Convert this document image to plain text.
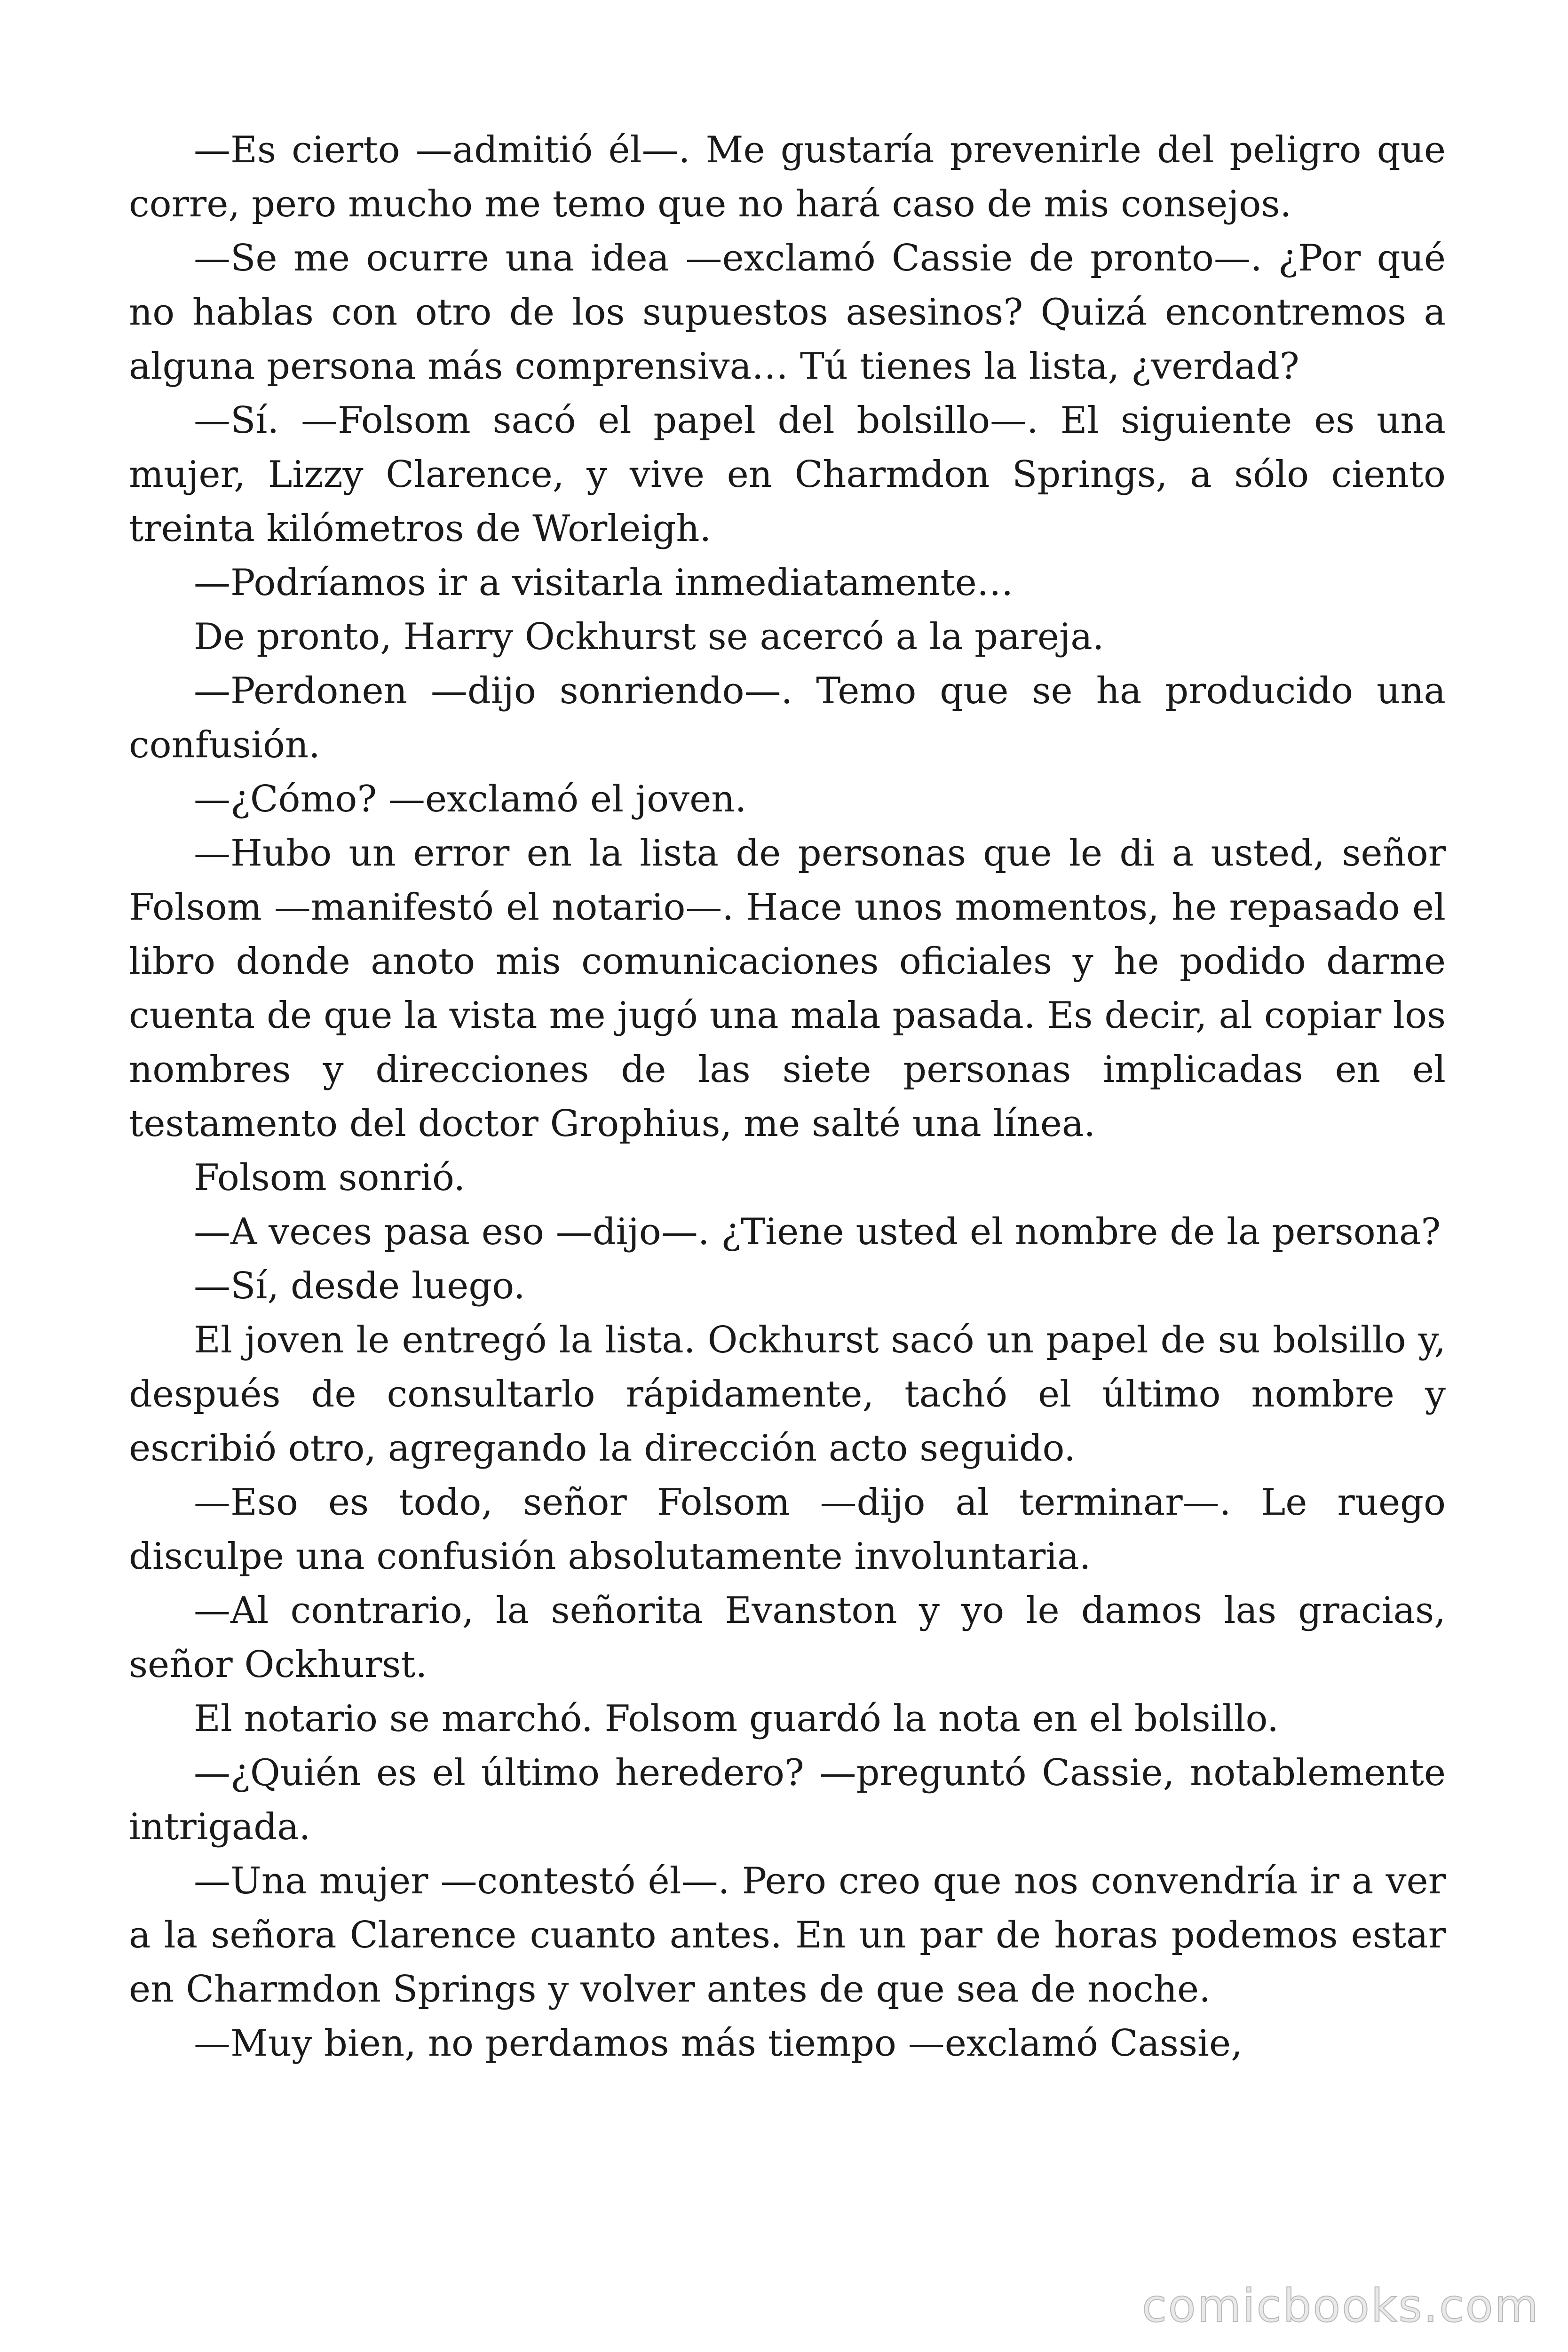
—Es cierto —admitió él—. Me gustaría prevenirle del peligro que corre, pero mucho me temo que no hará caso de mis consejos.

—Se me ocurre una idea —exclamó Cassie de pronto—. ¿Por qué no hablas con otro de los supuestos asesinos? Quizá encontremos a alguna persona más comprensiva… Tú tienes la lista, ¿verdad?

—Sí. —Folsom sacó el papel del bolsillo—. El siguiente es una mujer, Lizzy Clarence, y vive en Charmdon Springs, a sólo ciento treinta kilómetros de Worleigh.

—Podríamos ir a visitarla inmediatamente…

De pronto, Harry Ockhurst se acercó a la pareja.

—Perdonen —dijo sonriendo—. Temo que se ha producido una confusión.

—¿Cómo? —exclamó el joven.

—Hubo un error en la lista de personas que le di a usted, señor Folsom —manifestó el notario—. Hace unos momentos, he repasado el libro donde anoto mis comunicaciones oficiales y he podido darme cuenta de que la vista me jugó una mala pasada. Es decir, al copiar los nombres y direcciones de las siete personas implicadas en el testamento del doctor Grophius, me salté una línea.

Folsom sonrió.

—A veces pasa eso —dijo—. ¿Tiene usted el nombre de la persona?

—Sí, desde luego.

El joven le entregó la lista. Ockhurst sacó un papel de su bolsillo y, después de consultarlo rápidamente, tachó el último nombre y escribió otro, agregando la dirección acto seguido.

—Eso es todo, señor Folsom —dijo al terminar—. Le ruego disculpe una confusión absolutamente involuntaria.

—Al contrario, la señorita Evanston y yo le damos las gracias, señor Ockhurst.

El notario se marchó. Folsom guardó la nota en el bolsillo.

—¿Quién es el último heredero? —preguntó Cassie, notablemente intrigada.

—Una mujer —contestó él—. Pero creo que nos convendría ir a ver a la señora Clarence cuanto antes. En un par de horas podemos estar en Charmdon Springs y volver antes de que sea de noche.

—Muy bien, no perdamos más tiempo —exclamó Cassie,

comicbooks.com
